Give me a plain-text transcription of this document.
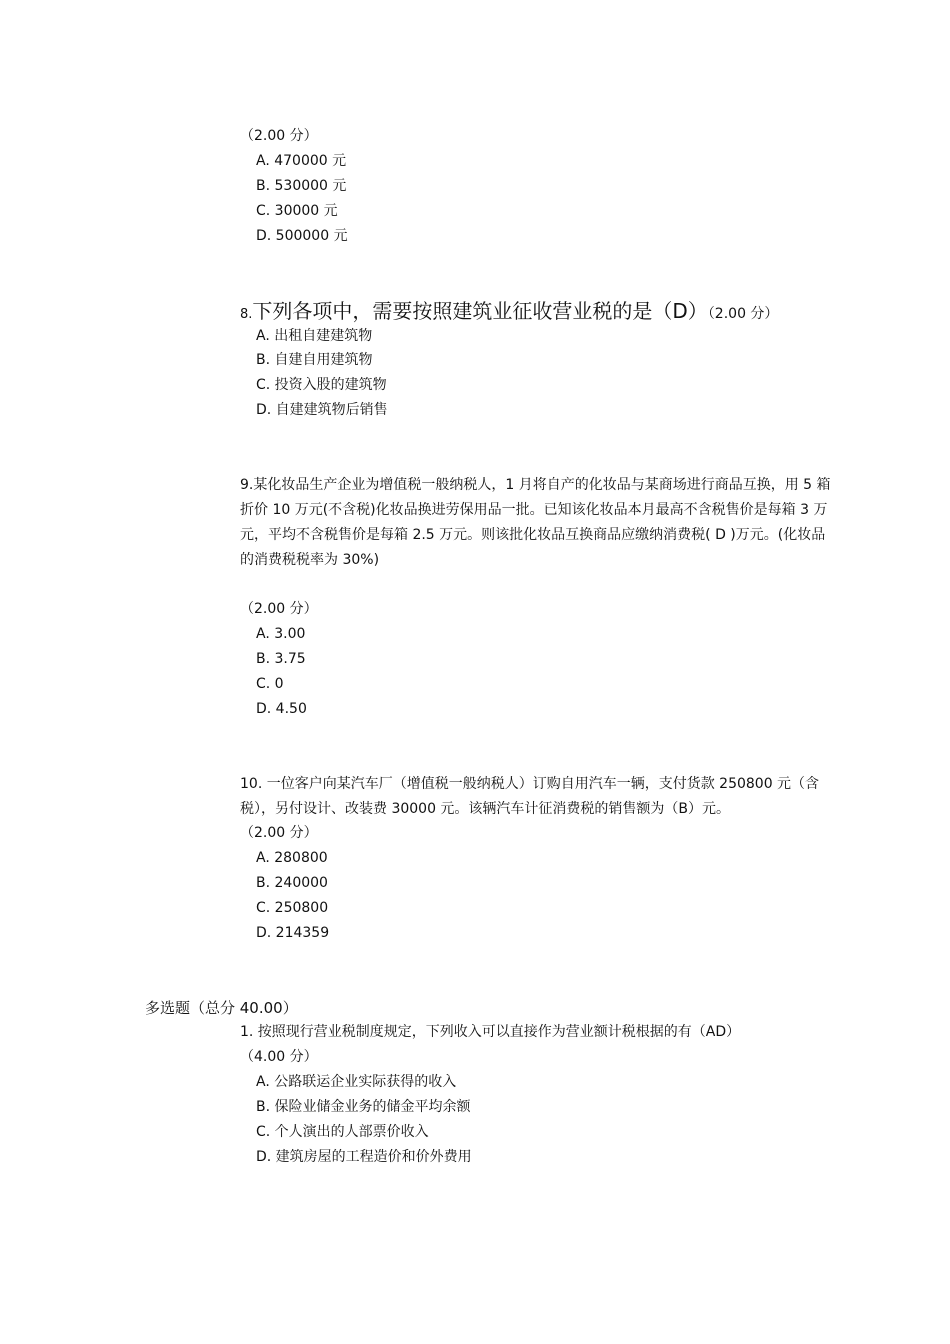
（2.00 分）
A. 470000 元
B. 530000 元
C. 30000 元
D. 500000 元
8.下列各项中，需要按照建筑业征收营业税的是（D）（2.00 分）
A. 出租自建建筑物
B. 自建自用建筑物
C. 投资入股的建筑物
D. 自建建筑物后销售
9.某化妆品生产企业为增值税一般纳税人，1 月将自产的化妆品与某商场进行商品互换，用 5 箱折价 10 万元(不含税)化妆品换进劳保用品一批。已知该化妆品本月最高不含税售价是每箱 3 万元，平均不含税售价是每箱 2.5 万元。则该批化妆品互换商品应缴纳消费税( D )万元。(化妆品的消费税税率为 30%)
（2.00 分）
A. 3.00
B. 3.75
C. 0
D. 4.50
10. 一位客户向某汽车厂（增值税一般纳税人）订购自用汽车一辆，支付货款 250800 元（含税），另付设计、改装费 30000 元。该辆汽车计征消费税的销售额为（B）元。
（2.00 分）
A. 280800
B. 240000
C. 250800
D. 214359
多选题（总分 40.00）
1. 按照现行营业税制度规定，下列收入可以直接作为营业额计税根据的有（AD）
（4.00 分）
A. 公路联运企业实际获得的收入
B. 保险业储金业务的储金平均余额
C. 个人演出的人部票价收入
D. 建筑房屋的工程造价和价外费用
